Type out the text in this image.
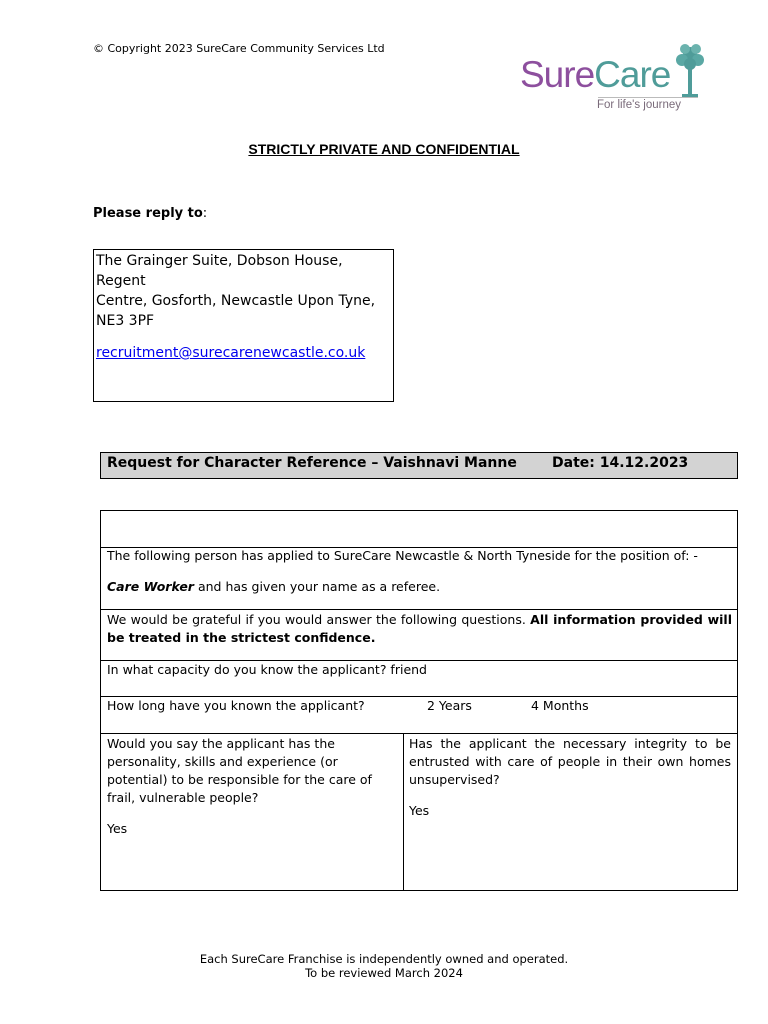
© Copyright 2023 SureCare Community Services Ltd
SureCare
For life's journey
STRICTLY PRIVATE AND CONFIDENTIAL
Please reply to:
The Grainger Suite, Dobson House, Regent
Centre, Gosforth, Newcastle Upon Tyne,
NE3 3PF
recruitment@surecarenewcastle.co.uk
Request for Character Reference – Vaishnavi Manne	Date: 14.12.2023
The following person has applied to SureCare Newcastle & North Tyneside for the position of: -
Care Worker and has given your name as a referee.
We would be grateful if you would answer the following questions. All information provided will be treated in the strictest confidence.
In what capacity do you know the applicant? friend
How long have you known the applicant?	2 Years	4 Months
Would you say the applicant has the personality, skills and experience (or potential) to be responsible for the care of frail, vulnerable people?
Yes
Has the applicant the necessary integrity to be entrusted with care of people in their own homes unsupervised?
Yes
Each SureCare Franchise is independently owned and operated.
To be reviewed March 2024
